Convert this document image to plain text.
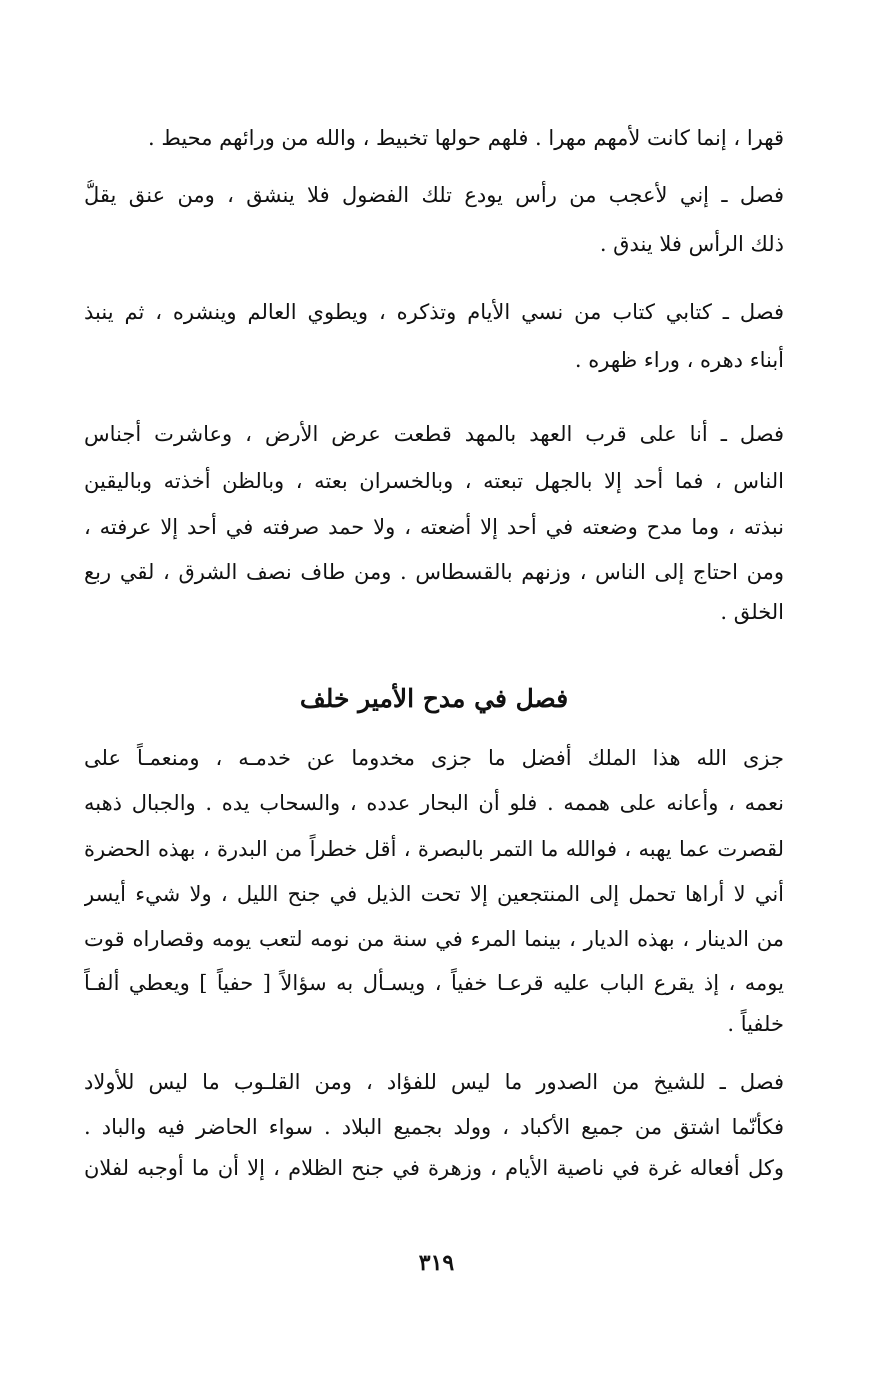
قهرا ، إنما كانت لأمهم مهرا . فلهم حولها تخبيط ، والله من ورائهم محيط .
فصل ـ إني لأعجب من رأس يودع تلك الفضول فلا ينشق ، ومن عنق يقلُّ
ذلك الرأس فلا يندق .
فصل ـ كتابي كتاب من نسي الأيام وتذكره ، ويطوي العالم وينشره ، ثم ينبذ
أبناء دهره ، وراء ظهره .
فصل ـ أنا على قرب العهد بالمهد قطعت عرض الأرض ، وعاشرت أجناس
الناس ، فما أحد إلا بالجهل تبعته ، وبالخسران بعته ، وبالظن أخذته وباليقين
نبذته ، وما مدح وضعته في أحد إلا أضعته ، ولا حمد صرفته في أحد إلا عرفته ،
ومن احتاج إلى الناس ، وزنهم بالقسطاس . ومن طاف نصف الشرق ، لقي ربع
الخلق .
فصل في مدح الأمير خلف
جزى الله هذا الملك أفضل ما جزى مخدوما عن خدمـه ، ومنعمـاً على
نعمه ، وأعانه على هممه . فلو أن البحار عدده ، والسحاب يده . والجبال ذهبه
لقصرت عما يهبه ، فوالله ما التمر بالبصرة ، أقل خطراً من البدرة ، بهذه الحضرة
أني لا أراها تحمل إلى المنتجعين إلا تحت الذيل في جنح الليل ، ولا شيء أيسر
من الدينار ، بهذه الديار ، بينما المرء في سنة من نومه لتعب يومه وقصاراه قوت
يومه ، إذ يقرع الباب عليه قرعـا خفياً ، ويسـأل به سؤالاً [ حفياً ] ويعطي ألفـاً
خلفياً .
فصل ـ للشيخ من الصدور ما ليس للفؤاد ، ومن القلـوب ما ليس للأولاد
فكأنّما اشتق من جميع الأكباد ، وولد بجميع البلاد . سواء الحاضر فيه والباد .
وكل أفعاله غرة في ناصية الأيام ، وزهرة في جنح الظلام ، إلا أن ما أوجبه لفلان
٣١٩
